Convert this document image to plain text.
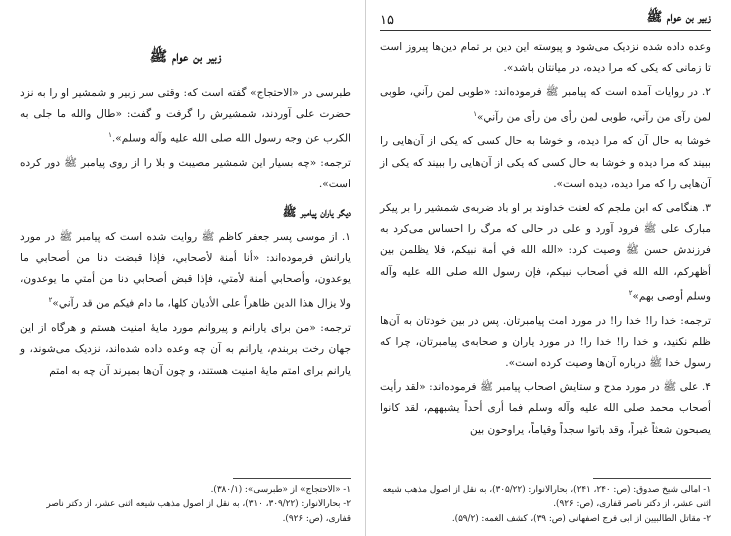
زبیر بن عوام ﷺ
۱۵

وعده داده شده نزدیک می‌شود و پیوسته این دین بر تمام دین‌ها پیروز است تا زمانی که یکی که مرا دیده، در میانتان باشد».

۲. در روایات آمده است که پیامبر ﷺ فرموده‌اند: «طوبی لمن رآني، طوبی لمن رآی من رآني، طوبی لمن رأی من رأی من رآني»$^۱$

خوشا به حال آن که مرا دیده، و خوشا به حال کسی که یکی از آن‌هایی را ببیند که مرا دیده و خوشا به حال کسی که یکی از آن‌هایی را ببیند که یکی از آن‌هایی را که مرا دیده، دیده است».

۳. هنگامی که ابن ملجم که لعنت خداوند بر او باد ضربه‌ی شمشیر را بر پیکر مبارک علی ﷺ فرود آورد و علی در حالی که مرگ را احساس می‌کرد به فرزندش حسن ﷺ وصیت کرد: «الله الله في أمة نبیکم، فلا یظلمن بین أظهرکم، الله الله في أصحاب نبیکم، فإن رسول الله صلى الله علیه وآله وسلم أوصی بهم»$^۲$

ترجمه: خدا را! خدا را! در مورد امت پیامبرتان. پس در بین خودتان به آن‌ها ظلم نکنید، و خدا را! خدا را! در مورد یاران و صحابه‌ی پیامبرتان، چرا که رسول خدا ﷺ درباره آن‌ها وصیت کرده است».

۴. علی ﷺ در مورد مدح و ستایش اصحاب پیامبر ﷺ فرموده‌اند: «لقد رأیت أصحاب محمد صلی الله علیه وآله وسلم فما أری أحداً یشبههم، لقد کانوا یصبحون شعثاً غبراً، وقد باتوا سجداً وقیاماً، یراوحون بین

۱- امالی شیخ صدوق: (ص: ۲۴۰، ۲۴۱)، بحارالانوار: (۳۰۵/۲۲)، به نقل از اصول مذهب شیعه اثنی عشر، از دکتر ناصر قفاری، (ص: ۹۲۶).

۲- مقاتل الطالبیین از ابی فرج اصفهانی (ص: ۳۹)، کشف الغمه: (۵۹/۲).

زبیر بن عوام ﷺ

طبرسی در «الاحتجاج» گفته است که: وقتی سر زبیر و شمشیر او را به نزد حضرت علی آوردند، شمشیرش را گرفت و گفت: «طال والله ما جلی به الکرب عن وجه رسول الله صلی الله علیه وآله وسلم».$^۱$

ترجمه: «چه بسیار این شمشیر مصیبت و بلا را از روی پیامبر ﷺ دور کرده است».

دیگر یاران پیامبر ﷺ

۱. از موسی پسر جعفر کاظم ﷺ روایت شده است که پیامبر ﷺ در مورد یارانش فرموده‌اند: «أنا أمنة لأصحابي، فإذا قبضت دنا من أصحابي ما یوعدون، وأصحابي أمنة لأمتي، فإذا قبض أصحابي دنا من أمتي ما یوعدون، ولا یزال هذا الدین ظاهراً علی الأدیان کلها، ما دام فیکم من قد رآني»$^۲$

ترجمه: «من برای یارانم و پیروانم مورد مایه‌ٔ امنیت هستم و هرگاه از این جهان رخت بربندم، یارانم به آن چه وعده داده شده‌اند، نزدیک می‌شوند، و یارانم برای امتم مایه‌ٔ امنیت هستند، و چون آن‌ها بمیرند آن چه به امتم

۱- «الاحتجاج» از «طبرسی»: (۳۸۰/۱).

۲- بحارالانوار: (۳۰۹/۲۲، ۳۱۰)، به نقل از اصول مذهب شیعه اثنی عشر، از دکتر ناصر قفاری، (ص: ۹۲۶).
